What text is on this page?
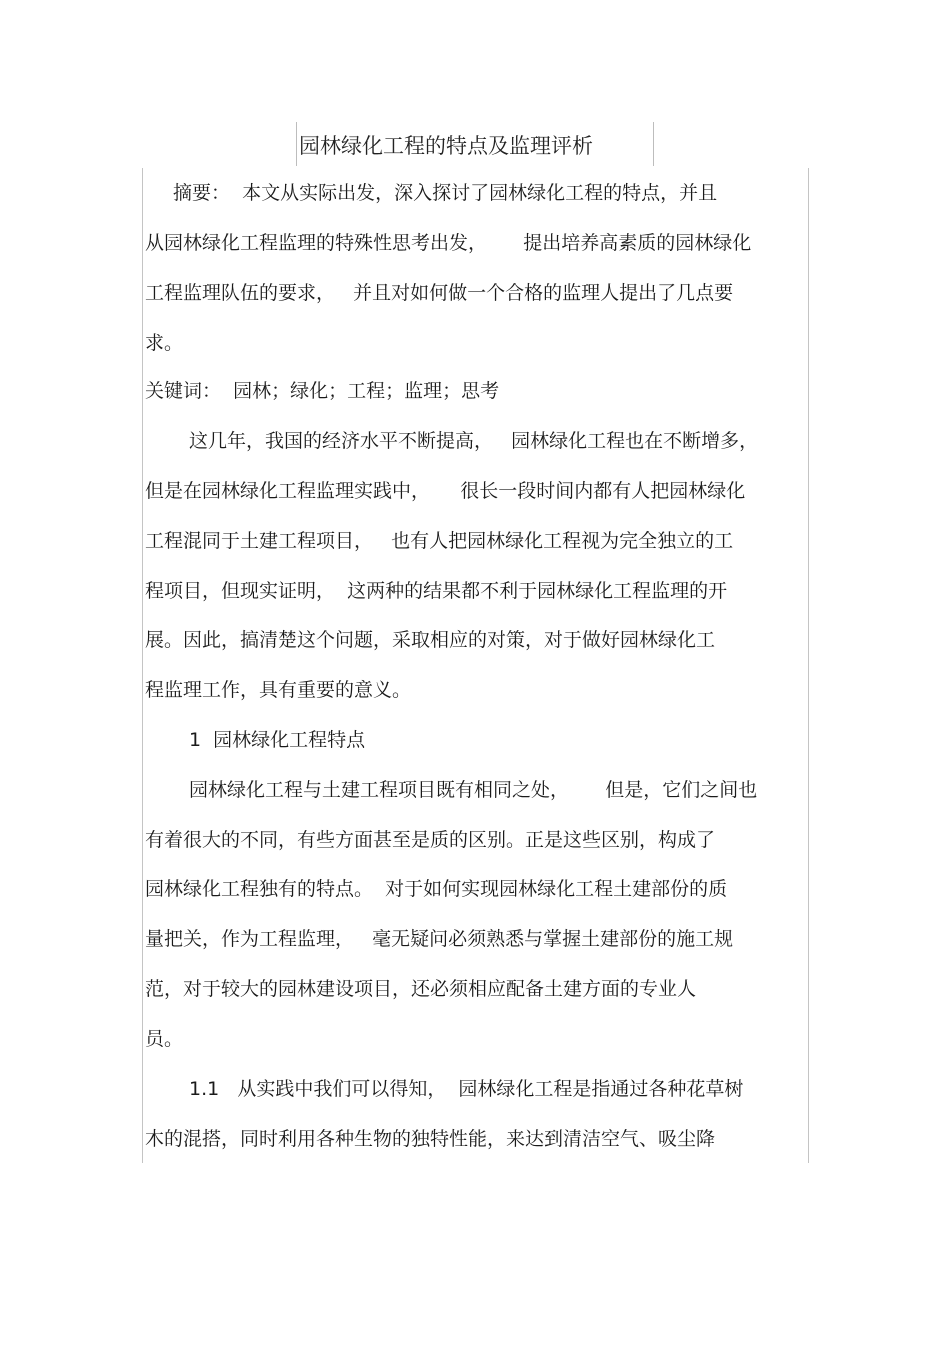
园林绿化工程的特点及监理评析
摘要：  本文从实际出发，深入探讨了园林绿化工程的特点，并且
从园林绿化工程监理的特殊性思考出发，      提出培养高素质的园林绿化
工程监理队伍的要求，   并且对如何做一个合格的监理人提出了几点要
求。
关键词：  园林；绿化；工程；监理；思考
这几年，我国的经济水平不断提高，   园林绿化工程也在不断增多，
但是在园林绿化工程监理实践中，     很长一段时间内都有人把园林绿化
工程混同于土建工程项目，   也有人把园林绿化工程视为完全独立的工
程项目，但现实证明，  这两种的结果都不利于园林绿化工程监理的开
展。因此，搞清楚这个问题，采取相应的对策，对于做好园林绿化工
程监理工作，具有重要的意义。
1  园林绿化工程特点
园林绿化工程与土建工程项目既有相同之处，      但是，它们之间也
有着很大的不同，有些方面甚至是质的区别。正是这些区别，构成了
园林绿化工程独有的特点。  对于如何实现园林绿化工程土建部份的质
量把关，作为工程监理，   毫无疑问必须熟悉与掌握土建部份的施工规
范，对于较大的园林建设项目，还必须相应配备土建方面的专业人
员。
1.1   从实践中我们可以得知，  园林绿化工程是指通过各种花草树
木的混搭，同时利用各种生物的独特性能，来达到清洁空气、吸尘降
